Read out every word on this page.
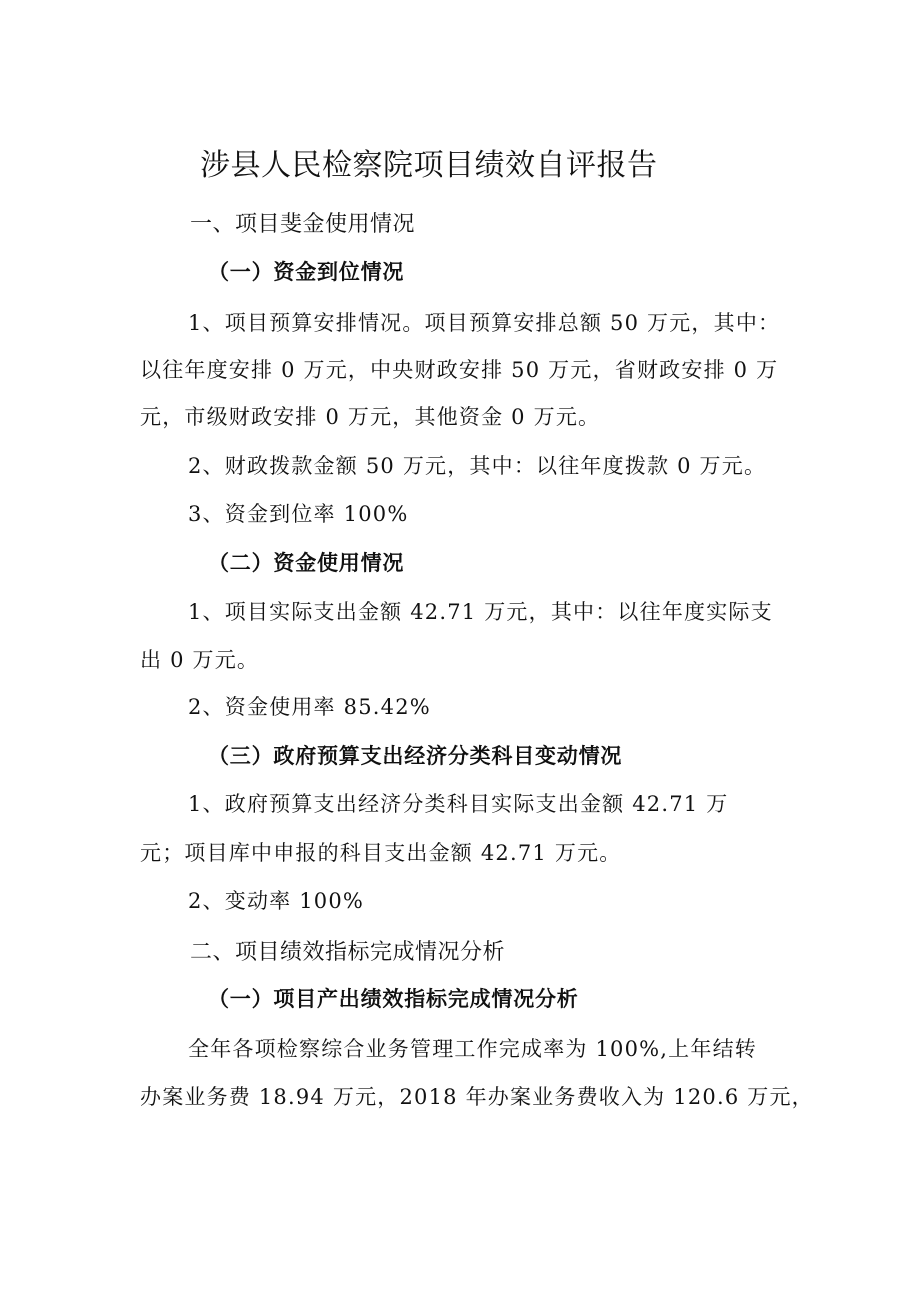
涉县人民检察院项目绩效自评报告
一、项目斐金使用情况
（一）资金到位情况
1、项目预算安排情况。项目预算安排总额 50 万元，其中：
以往年度安排 0 万元，中央财政安排 50 万元，省财政安排 0 万
元，市级财政安排 0 万元，其他资金 0 万元。
2、财政拨款金额 50 万元，其中：以往年度拨款 0 万元。
3、资金到位率 100%
（二）资金使用情况
1、项目实际支出金额 42.71 万元，其中：以往年度实际支
出 0 万元。
2、资金使用率 85.42%
（三）政府预算支出经济分类科目变动情况
1、政府预算支出经济分类科目实际支出金额 42.71 万
元；项目库中申报的科目支出金额 42.71 万元。
2、变动率 100%
二、项目绩效指标完成情况分析
（一）项目产出绩效指标完成情况分析
全年各项检察综合业务管理工作完成率为 100%,上年结转
办案业务费 18.94 万元，2018 年办案业务费收入为 120.6 万元，
